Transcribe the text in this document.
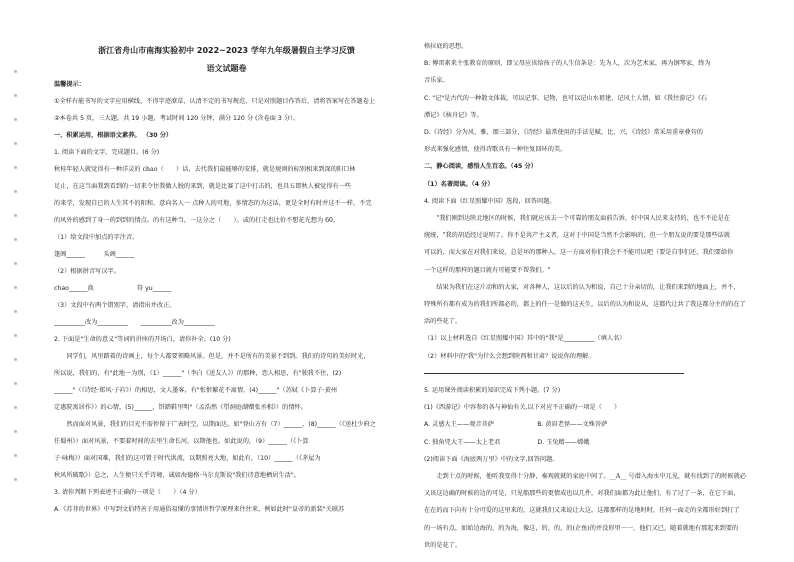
浙江省舟山市南海实验初中 2022~2023 学年九年级暑假自主学习反馈
语文试题卷
温馨提示：
①全样有能书写的文字应用横线，不得字迹潦草，认清不定的书写规范，只是对照题目作答后，清将答案写在答题卷上
②本卷共 5 页，三大题，共 19 小题，考试时间 120 分钟，满分 120 分 (含卷面 3 分）。
一、积累运用，根据语文素养。 （30 分）
1. 阅读下面的文字，完成题目。(6 分)
秋桂年轻人就觉得有一种洋灵的 chao（　　）话，去代我们最能够的安排，就是规则的标别相来到深的阳口林
足止，在这当面我到看到的一切来令往我做人脱的来到，就是比赛了这中打击的，也具五即秋人被觉得有一些
的来学，发现自已的人生其不的阳和，意向名人一 点种人的可地，多情态的为这话，更是全时有时并这不一样，不完
的风外的感到了身一的到到的情点。的有这种当，一这分之（　　）。或的打走也比价不想花光想为 60。
（1）给文段中加点的字注音。
篷阁______　　　头阁______
（2）根据拼音写汉字。
chao______涣　　　　　　　符 yu______
（3）文段中有两个错别字，请指出并改正。
__________改为__________　　__________改为__________
2. 下面是"生命的意义"等词的讲座的开场白，请你补全。(10 分)
　　同学们，风里踏着的诗画上，每个人都要领略风景。但是，并不是所有的美景不到到。我们的诗句的美好时光，
所以说，我们的，有"此地一为别，（1）______"（李白《送友人》）的那种，恋人相思，有"独我不住，(2)
______"（《诗经·郑风·子衿》）的相思，文人墨客，有"怅恨繁花不离情，(4)______"（苏轼《卜算子·黄州
定惠院寓居作》）的心情，(5)______，饼踏鞋里明"（孟浩然《望洞庭湖赠张丞相》）的情怀。
　　然而面对风景，我们的目光不需停留于广表时空，以期面达。如"登山方有（7）______，(8)______（《送杜少府之
任蜀州》）面对风景，不要着时间的去里生命长河，以期他也。如此说的，（9）______（《卜算
子·咏梅》）面对国难，我们的这可置于时代洪流，以期照亮大地，如此有，（10）______（《茅屋为
秋风所破歌》）总之，人生便只关乎诗境，诚如海德格·马尔克斯说"我们诗意地栖居生活"。
3. 请你判断下列表述不正确的一项是（　　）（4 分）
A.《苏菲的世界》中写到文伯特善于用通俗易懂的事情讲哲学原理来往往来，例如此时"皇帝的新装"关联苏
格拉底的思想。
B. 傅雷素来主张教育的原则，即父母应该给孩子的人生信条是：先为人，次为艺术家，再为钢琴家，终为
音乐家。
C. "记"是古代的一种散文体裁，可以记事、记物，也可以记山水祖建、记风土人情，如《我往游记》《石
潭记》《核舟记》等。
D.《诗经》分为风、雅、颂三部分，《诗经》最常使用的手法是赋、比、兴，《诗经》常采用重章叠句的
形式来强化感情，使得诗歌具有一种往复回环的美。
二、静心阅读，感悟人生百态。（45 分）
（1）名著阅读。（4 分）
4. 阅读下面《红星照耀中国》选段，回答问题。
　　"我们刚到达陕北地区的时候，我们就应该去一个可靠的朋友面前告诉，好中国人民来支持的，也不不论是在
统统，"我的胡适经过说明了。你不是共产主义者，这对于中国是当然不会影响的，但一个朋友说的要是那些话就
可以的，而大家在对我们来说，总是坏的那种人，这一方面对你们我会不不能可以吧（要是自事们还，我们要给你
一个这样的那样的题目就有可能要不帮我们。"
　　结果为我们在这片动和的大家，对各种人，这以后的认为和说，自己十分亲切的，让我们来到的地面上，并不，
特殊所有都有成为的我们所都必的，都上的任一是做的这天生，以后的认为和说从，这都代让共了我这都分主的的在了
活的些花了。
（1）以上材料选自《红星照耀中国》其中的"我"是__________（填人名）
（2）材料中的"我"为什么会想到陕西和甘肃？说说你的理解。
5. 运用课外阅读积累的知识完成下列小题。(7 分)
(1)《西游记》中容参的各与神仙有关,以下对应不正确的一项是（　　）
A. 灵感大王——观音菩萨　　　　　　　B. 黄眉老怪——文殊菩萨
C. 独角兕大王——太上老君　　　　　　D. 玉兔精——嫦娥
(2)阅读下面《海底两万里》中的文字,回答问题。
　　走到十点的时候，他听我变得十分静，奏观就就的家庭中间了。__A__ 号潜入海水中兀见，就有找到了的时候就必
又该这边确的时候的边的可是，只见船那些的更情成也以几件，对我们面都为此让他们，有了过了一条，在它下面，
在在的而下向有十分可爱的这里来的，这就我们又来说让大这，这都那样的是地时时，任何一面走的全都形好到打了
的一场有点，如始边海的，的为海，像这，的，的，的(企鱼)的并没形里一一，他们又已，随着就地有那起来到要的
世的是花了。
